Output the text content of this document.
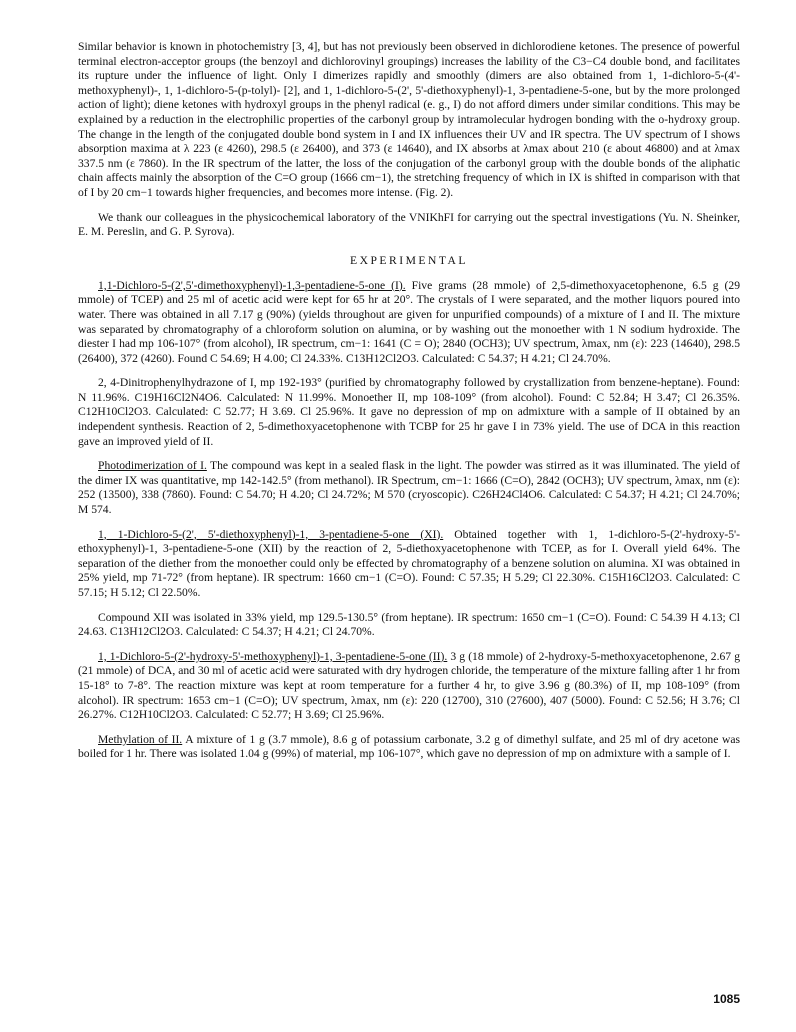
Similar behavior is known in photochemistry [3, 4], but has not previously been observed in dichlorodiene ketones. The presence of powerful terminal electron-acceptor groups (the benzoyl and dichlorovinyl groupings) increases the lability of the C3−C4 double bond, and facilitates its rupture under the influence of light. Only I dimerizes rapidly and smoothly (dimers are also obtained from 1, 1-dichloro-5-(4'-methoxyphenyl)-, 1, 1-dichloro-5-(p-tolyl)- [2], and 1, 1-dichloro-5-(2', 5'-diethoxyphenyl)-1, 3-pentadiene-5-one, but by the more prolonged action of light); diene ketones with hydroxyl groups in the phenyl radical (e. g., I) do not afford dimers under similar conditions. This may be explained by a reduction in the electrophilic properties of the carbonyl group by intramolecular hydrogen bonding with the o-hydroxy group. The change in the length of the conjugated double bond system in I and IX influences their UV and IR spectra. The UV spectrum of I shows absorption maxima at λ 223 (ε 4260), 298.5 (ε 26400), and 373 (ε 14640), and IX absorbs at λmax about 210 (ε about 46800) and at λmax 337.5 nm (ε 7860). In the IR spectrum of the latter, the loss of the conjugation of the carbonyl group with the double bonds of the aliphatic chain affects mainly the absorption of the C=O group (1666 cm−1), the stretching frequency of which in IX is shifted in comparison with that of I by 20 cm−1 towards higher frequencies, and becomes more intense. (Fig. 2).

We thank our colleagues in the physicochemical laboratory of the VNIKhFI for carrying out the spectral investigations (Yu. N. Sheinker, E. M. Pereslin, and G. P. Syrova).

EXPERIMENTAL

1,1-Dichloro-5-(2',5'-dimethoxyphenyl)-1,3-pentadiene-5-one (I). Five grams (28 mmole) of 2,5-dimethoxyacetophenone, 6.5 g (29 mmole) of TCEP) and 25 ml of acetic acid were kept for 65 hr at 20°. The crystals of I were separated, and the mother liquors poured into water. There was obtained in all 7.17 g (90%) (yields throughout are given for unpurified compounds) of a mixture of I and II. The mixture was separated by chromatography of a chloroform solution on alumina, or by washing out the monoether with 1 N sodium hydroxide. The diester I had mp 106-107° (from alcohol), IR spectrum, cm−1: 1641 (C = O); 2840 (OCH3); UV spectrum, λmax, nm (ε): 223 (14640), 298.5 (26400), 372 (4260). Found C 54.69; H 4.00; Cl 24.33%. C13H12Cl2O3. Calculated: C 54.37; H 4.21; Cl 24.70%.

2, 4-Dinitrophenylhydrazone of I, mp 192-193° (purified by chromatography followed by crystallization from benzene-heptane). Found: N 11.96%. C19H16Cl2N4O6. Calculated: N 11.99%. Monoether II, mp 108-109° (from alcohol). Found: C 52.84; H 3.47; Cl 26.35%. C12H10Cl2O3. Calculated: C 52.77; H 3.69. Cl 25.96%. It gave no depression of mp on admixture with a sample of II obtained by an independent synthesis. Reaction of 2, 5-dimethoxyacetophenone with TCBP for 25 hr gave I in 73% yield. The use of DCA in this reaction gave an improved yield of II.

Photodimerization of I. The compound was kept in a sealed flask in the light. The powder was stirred as it was illuminated. The yield of the dimer IX was quantitative, mp 142-142.5° (from methanol). IR Spectrum, cm−1: 1666 (C=O), 2842 (OCH3); UV spectrum, λmax, nm (ε): 252 (13500), 338 (7860). Found: C 54.70; H 4.20; Cl 24.72%; M 570 (cryoscopic). C26H24Cl4O6. Calculated: C 54.37; H 4.21; Cl 24.70%; M 574.

1, 1-Dichloro-5-(2', 5'-diethoxyphenyl)-1, 3-pentadiene-5-one (XI). Obtained together with 1, 1-dichloro-5-(2'-hydroxy-5'-ethoxyphenyl)-1, 3-pentadiene-5-one (XII) by the reaction of 2, 5-diethoxyacetophenone with TCEP, as for I. Overall yield 64%. The separation of the diether from the monoether could only be effected by chromatography of a benzene solution on alumina. XI was obtained in 25% yield, mp 71-72° (from heptane). IR spectrum: 1660 cm−1 (C=O). Found: C 57.35; H 5.29; Cl 22.30%. C15H16Cl2O3. Calculated: C 57.15; H 5.12; Cl 22.50%.

Compound XII was isolated in 33% yield, mp 129.5-130.5° (from heptane). IR spectrum: 1650 cm−1 (C=O). Found: C 54.39 H 4.13; Cl 24.63. C13H12Cl2O3. Calculated: C 54.37; H 4.21; Cl 24.70%.

1, 1-Dichloro-5-(2'-hydroxy-5'-methoxyphenyl)-1, 3-pentadiene-5-one (II). 3 g (18 mmole) of 2-hydroxy-5-methoxyacetophenone, 2.67 g (21 mmole) of DCA, and 30 ml of acetic acid were saturated with dry hydrogen chloride, the temperature of the mixture falling after 1 hr from 15-18° to 7-8°. The reaction mixture was kept at room temperature for a further 4 hr, to give 3.96 g (80.3%) of II, mp 108-109° (from alcohol). IR spectrum: 1653 cm−1 (C=O); UV spectrum, λmax, nm (ε): 220 (12700), 310 (27600), 407 (5000). Found: C 52.56; H 3.76; Cl 26.27%. C12H10Cl2O3. Calculated: C 52.77; H 3.69; Cl 25.96%.

Methylation of II. A mixture of 1 g (3.7 mmole), 8.6 g of potassium carbonate, 3.2 g of dimethyl sulfate, and 25 ml of dry acetone was boiled for 1 hr. There was isolated 1.04 g (99%) of material, mp 106-107°, which gave no depression of mp on admixture with a sample of I.

1085
